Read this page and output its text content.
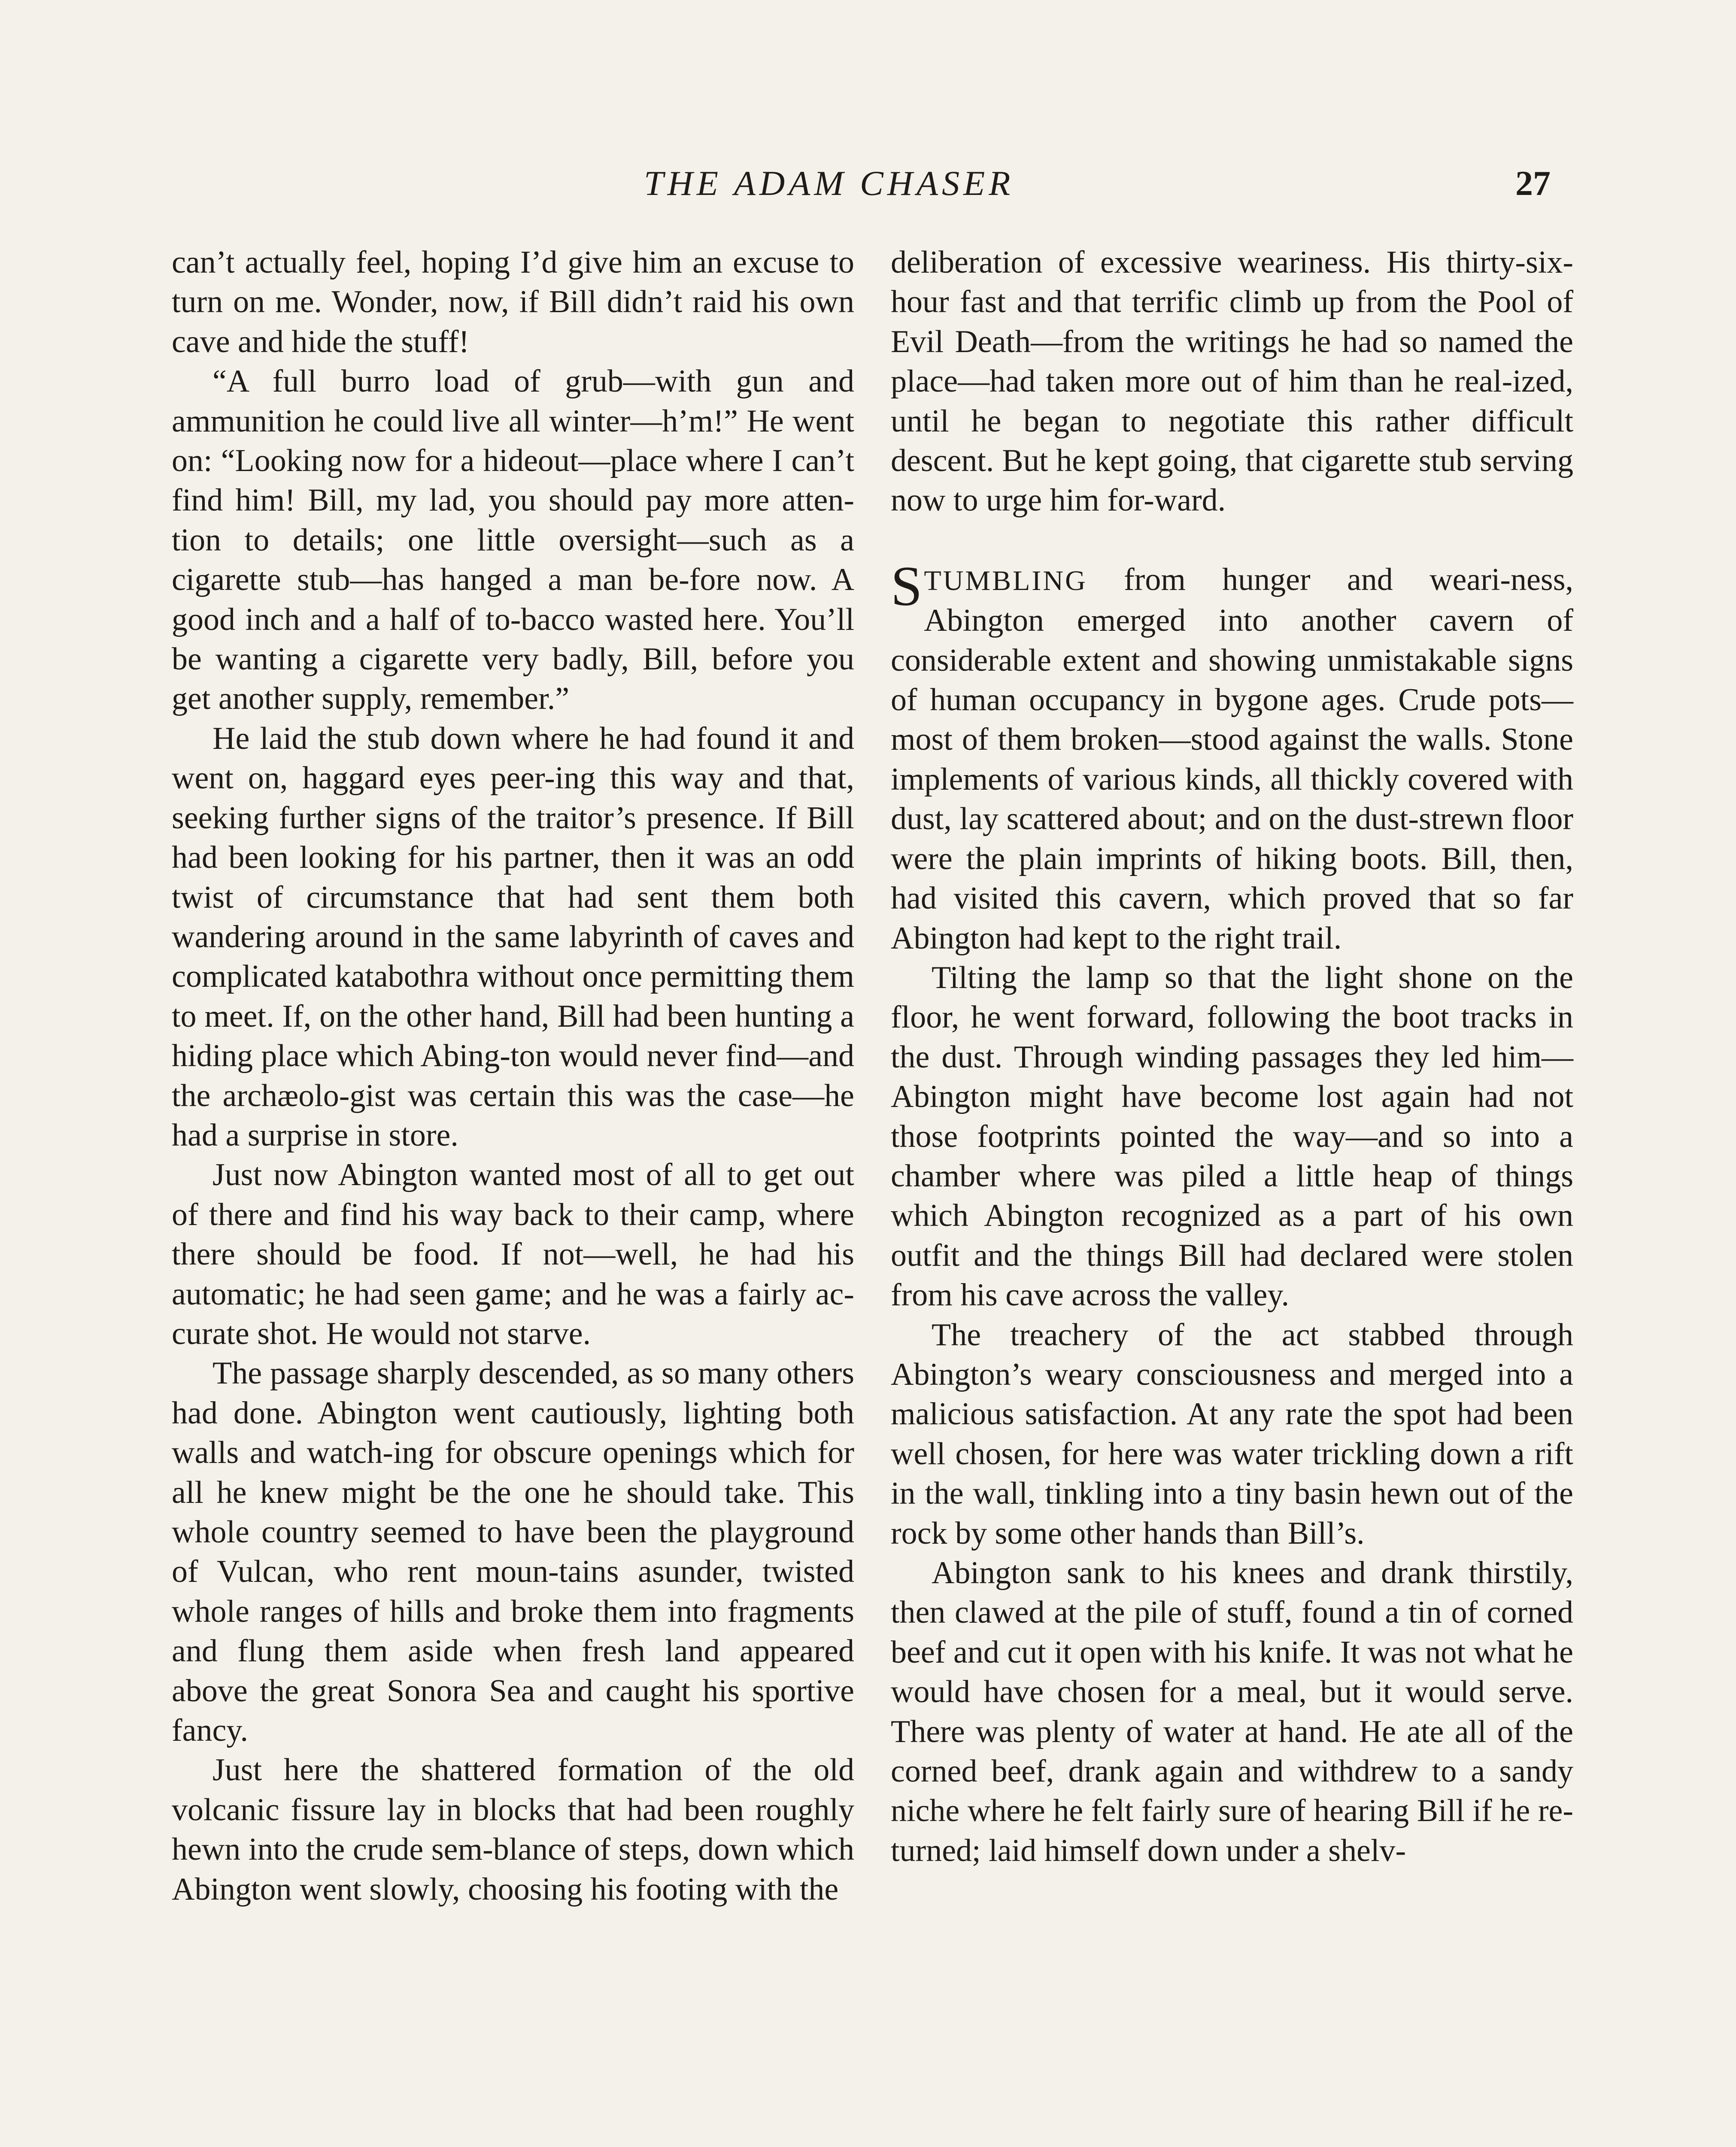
THE ADAM CHASER	27

can’t actually feel, hoping I’d give him an excuse to turn on me. Wonder, now, if Bill didn’t raid his own cave and hide the stuff!

“A full burro load of grub—with gun and ammunition he could live all winter—h’m!” He went on: “Looking now for a hideout—place where I can’t find him! Bill, my lad, you should pay more atten-tion to details; one little oversight—such as a cigarette stub—has hanged a man be-fore now. A good inch and a half of to-bacco wasted here. You’ll be wanting a cigarette very badly, Bill, before you get another supply, remember.”

He laid the stub down where he had found it and went on, haggard eyes peer-ing this way and that, seeking further signs of the traitor’s presence. If Bill had been looking for his partner, then it was an odd twist of circumstance that had sent them both wandering around in the same labyrinth of caves and complicated katabothra without once permitting them to meet. If, on the other hand, Bill had been hunting a hiding place which Abing-ton would never find—and the archæolo-gist was certain this was the case—he had a surprise in store.

Just now Abington wanted most of all to get out of there and find his way back to their camp, where there should be food. If not—well, he had his automatic; he had seen game; and he was a fairly ac-curate shot. He would not starve.

The passage sharply descended, as so many others had done. Abington went cautiously, lighting both walls and watch-ing for obscure openings which for all he knew might be the one he should take. This whole country seemed to have been the playground of Vulcan, who rent moun-tains asunder, twisted whole ranges of hills and broke them into fragments and flung them aside when fresh land appeared above the great Sonora Sea and caught his sportive fancy.

Just here the shattered formation of the old volcanic fissure lay in blocks that had been roughly hewn into the crude sem-blance of steps, down which Abington went slowly, choosing his footing with the

deliberation of excessive weariness. His thirty-six-hour fast and that terrific climb up from the Pool of Evil Death—from the writings he had so named the place—had taken more out of him than he real-ized, until he began to negotiate this rather difficult descent. But he kept going, that cigarette stub serving now to urge him for-ward.

STUMBLING from hunger and weari-ness, Abington emerged into another cavern of considerable extent and showing unmistakable signs of human occupancy in bygone ages. Crude pots—most of them broken—stood against the walls. Stone implements of various kinds, all thickly covered with dust, lay scattered about; and on the dust-strewn floor were the plain imprints of hiking boots. Bill, then, had visited this cavern, which proved that so far Abington had kept to the right trail.

Tilting the lamp so that the light shone on the floor, he went forward, following the boot tracks in the dust. Through winding passages they led him—Abington might have become lost again had not those footprints pointed the way—and so into a chamber where was piled a little heap of things which Abington recognized as a part of his own outfit and the things Bill had declared were stolen from his cave across the valley.

The treachery of the act stabbed through Abington’s weary consciousness and merged into a malicious satisfaction. At any rate the spot had been well chosen, for here was water trickling down a rift in the wall, tinkling into a tiny basin hewn out of the rock by some other hands than Bill’s.

Abington sank to his knees and drank thirstily, then clawed at the pile of stuff, found a tin of corned beef and cut it open with his knife. It was not what he would have chosen for a meal, but it would serve. There was plenty of water at hand. He ate all of the corned beef, drank again and withdrew to a sandy niche where he felt fairly sure of hearing Bill if he re-turned; laid himself down under a shelv-
